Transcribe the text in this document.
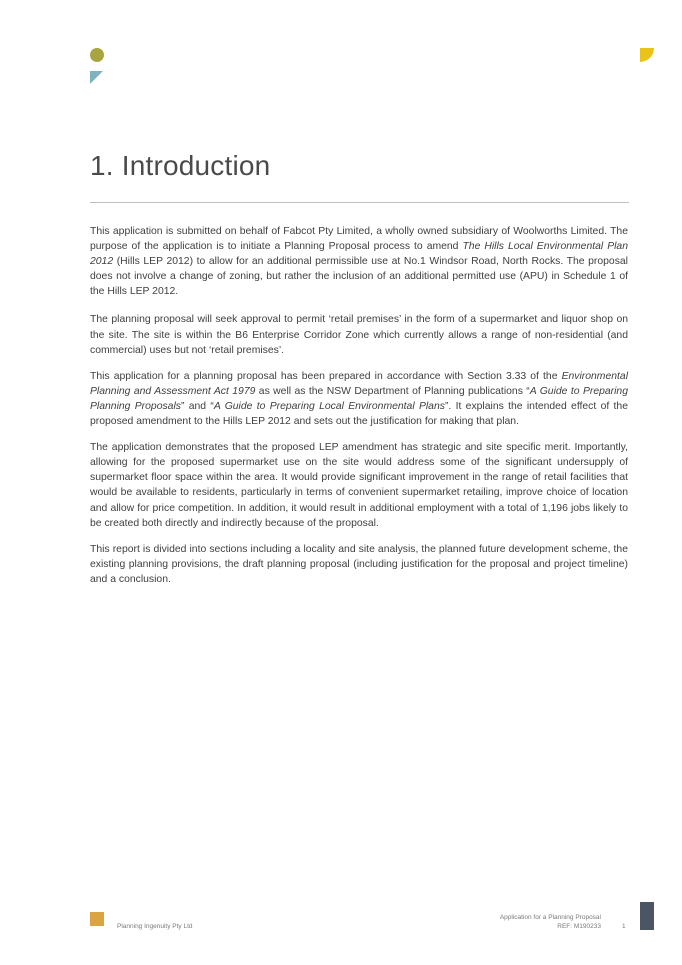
1. Introduction

This application is submitted on behalf of Fabcot Pty Limited, a wholly owned subsidiary of Woolworths Limited. The purpose of the application is to initiate a Planning Proposal process to amend The Hills Local Environmental Plan 2012 (Hills LEP 2012) to allow for an additional permissible use at No.1 Windsor Road, North Rocks. The proposal does not involve a change of zoning, but rather the inclusion of an additional permitted use (APU) in Schedule 1 of the Hills LEP 2012.

The planning proposal will seek approval to permit ‘retail premises’ in the form of a supermarket and liquor shop on the site. The site is within the B6 Enterprise Corridor Zone which currently allows a range of non-residential (and commercial) uses but not ‘retail premises’.

This application for a planning proposal has been prepared in accordance with Section 3.33 of the Environmental Planning and Assessment Act 1979 as well as the NSW Department of Planning publications “A Guide to Preparing Planning Proposals” and “A Guide to Preparing Local Environmental Plans”. It explains the intended effect of the proposed amendment to the Hills LEP 2012 and sets out the justification for making that plan.

The application demonstrates that the proposed LEP amendment has strategic and site specific merit. Importantly, allowing for the proposed supermarket use on the site would address some of the significant undersupply of supermarket floor space within the area. It would provide significant improvement in the range of retail facilities that would be available to residents, particularly in terms of convenient supermarket retailing, improve choice of location and allow for price competition. In addition, it would result in additional employment with a total of 1,196 jobs likely to be created both directly and indirectly because of the proposal.

This report is divided into sections including a locality and site analysis, the planned future development scheme, the existing planning provisions, the draft planning proposal (including justification for the proposal and project timeline) and a conclusion.

Planning Ingenuity Pty Ltd
Application for a Planning Proposal
REF: M190233	1
